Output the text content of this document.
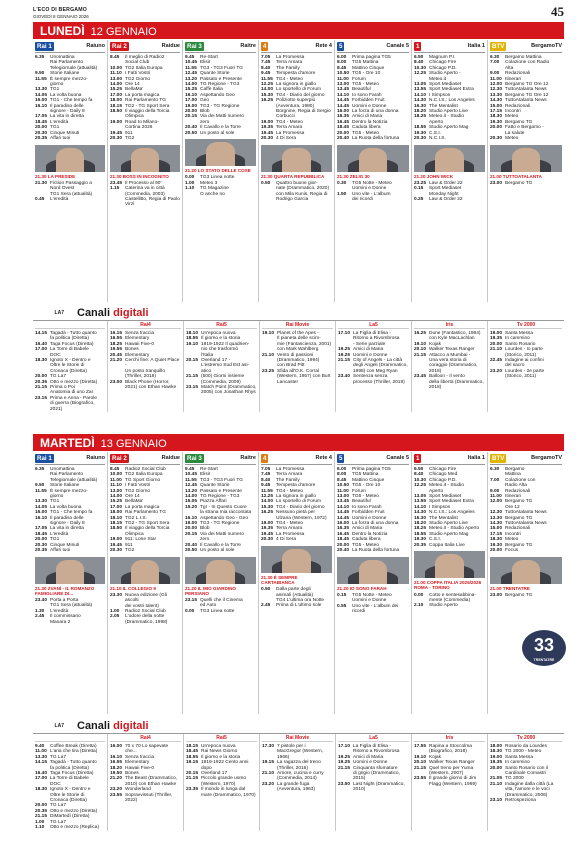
L'ECO DI BERGAMO
GIOVEDÌ 8 GENNAIO 2026	45
LUNEDÌ 12 GENNAIO
Rai 1	Raiuno
6.35	Unomattina
Rai Parlamento
Telegiornale (attualità)
9.50	Storie Italiane
11.55 È sempre mezzo-
giorno
13.30 TG1
14.05 La volta buona
16.00 TG1 - Che tempo fa
16.10 Il paradiso delle
signore - Daily 8
17.05 La vita in diretta
18.45 L'eredità
20.00 TG1
20.30 Cinque Minuti
20.35 Affari tuoi
21.30 LA PRESIDE
21.30 Fiction Passaggio a
Nord Ovest
TG1 Sera (attualità)
0.45	L'eredità
Rai 2	Raidue
8.45	Il meglio di Radio2
Social Club
10.00 TG2 Italia Europa
11.10 I Fatti Vostri
13.00 TG2 Giorno
14.00 Ore 14
15.25 BellaMa'
17.00 La porta magica
18.00 Rai Parlamento TG
18.15 TG2 - TG Sport Sera
18.50 Il viaggio della Torcia
Olimpica
19.00 Road to Milano-
Cortina 2026
19.45 911
20.30 TG2
21.30 BOSS IN INCOGNITO
23.45 Il Processo al 90'
1.15	Caterina va in città
(Commedia, 2003)
Castellitto, Regia di Paolo Virzì
Rai 3	Raitre
9.45	Re-Start
10.45 Elisir
11.55 TG3 - TG3 Fuori TG
12.45 Quante Storie
13.20 Passato e Presente
14.00 TG Regione - TG3
15.25 Caffè Italia
16.10 Aspettando Geo
17.00 Geo
19.00 TG3 - TG Regione
20.00 Blob
20.15 Via dei Matti numero
zero
20.40 Il Cavallo e la Torre
20.50 Un posto al sole
21.20 LO STATO DELLE COSE
0.00	TG3 Linea notte
1.00	Meteo 3
1.10	TG Magazine
O anche no
4	Rete 4
7.05	La Promessa
7.45	Terra Amara
8.40	The Family
9.45	Tempesta d'amore
11.55 TG4 - Meteo
12.25 La signora in giallo
14.00 Lo sportello di Forum
15.30 TG4 - Diario del giorno
16.25 Poliziotto superpiù
(Avventura, 1980)
Borgnine, Regia di Sergio Corbucci
19.00 TG4 - Meteo
19.35 Terra Amara
19.45 La Promessa
20.30 4 Di Sera
21.30 QUARTA REPUBBLICA
0.50	Quattro buone gior-
nate (Drammatico, 2020)
con Mila Kunis, Regia di
Rodrigo Garcia
5	Canale 5
6.00	Prima pagina TG5
8.00	TG5 Mattina
8.45	Mattino Cinque
10.50 TG5 - Ore 10
11.00 Forum
13.00 TG5 - Meteo
13.45 Beautiful
14.10 Io sono Farah
14.45 Forbidden Fruit
14.45 Uomini e Donne
16.00 La forza di una donna
16.35 Amici di Maria
16.45 Dentro la Notizia
18.45 Caduta libera
20.00 TG5 - Meteo
20.40 La Ruota della fortuna
21.30 ZELIG 30
0.30	TG5 Notte - Meteo
Uomini e Donne
1.50	Uno vite - L'album
dei ricordi
1	Italia 1
6.50	Magnum P.I.
8.40	Chicago Fire
10.30 Chicago P.D.
12.25 Studio Aperto -
Meteo.it
13.05 Sport Mediaset
13.55 Sport Mediaset Extra
14.10 I Simpson
14.30 N.C.I.S.: Los Angeles
16.30 The Mentalist
18.20 Studio Aperto Live
18.25 Meteo.it - Studio
Aperto
18.55 Studio Aperto Mag
19.30 C.S.I.
20.30 N.C.I.S.
21.20 JOHN WICK
23.25 Law & Order 22
0.15	Sport Mediaset
Monday Night
0.25	Law & Order 22
BTV	BergamoTV
6.30	Bergamo Mattina
7.00	Colazione con Radio
Alta
9.00	Redazionali
11.00 Itinerari
12.00 Bergamo TG Ore 12
12.30 TuttoAtalanta News
13.30 Bergamo TG Ore 12
14.30 TuttoAtalanta News
15.00 Redazionali
17.15 Incontri
18.30 Meteo
19.30 Bergamo TG
20.00 Fatto e Bergamo -
La salute
20.30 Meteo
21.00 TUTTOATALANTA
23.00 Bergamo TG
LA7 Canali digitali
14.15 Tagadà - Tutto quanto
fa politica (Diretta)
16.40 Taga Focus (Diretta)
17.00 La Torre di Babele
DOC
18.30 Ignoto X - Dentro e
Oltre le Storie di
Cronaca (Diretta)
20.00 TG La7
20.35 Otto e mezzo (Diretta)
21.15 Prima o Poi
Anatomia di uno Zar
23.15 Prima e Anna - Parole
di guerra (Biografico, 2021)
Rai4
16.15 Senza traccia
16.55 Elementary
18.25 Hawaii Five-0
19.55 Bones
20.45 Elementary
21.20 Cerchi fine: A Quiet Place -
Un posto tranquillo
(Thriller, 2018)
23.00 Black Phone (Horror,
2021) con Ethan Hawke
Rai5
18.10 Un'epoca nuova
18.55 Il giorno e la storia
19.10 1919-1922 Il quadrien-
nio che trasformò
l'Italia
20.15 Overland 17 -
L'estremo Sud Est asi-
atico
21.15 (500) Giorni insieme
(Commedia, 2009)
23.15 Match Point (Drammatico,
2005) con Jonathan Rhys
Rai Movie
19.10 Planet of the Apes -
Il pianeta delle scim-
mie (Fantascienza, 2001)
con Mark Wahlberg
21.10 Vento di passioni
(Drammatico, 1994)
con Brad Pitt
23.25 Sfida all'O.K. Corral
(Western, 1957) con Burt
Lancaster
La5
17.10 La Figlia di Elisa -
Ritorno a Rivombrosa
- Serie parziale
19.25 Amici di Maria
19.25 Uomini e Donne
21.15 City of Angels - La città
degli Angeli (Drammatico,
1998) con Meg Ryan
23.40 Sentenza senza
processo (Thriller, 2019)
Iris
16.25 Dune (Fantastico, 1984)
con Kyle MacLachlan
19.10 Kojak
20.10 Walker Texas Ranger
21.15 Attacco a Mumbai -
Una vera storia di
coraggio (Drammatico,
2018)
23.45 Balloon - Il vento
della libertà (Drammatico,
2018)
Tv 2000
19.00 Santa Messa
19.35 In cammino
20.00 Santo Rosario
21.10 Lourdes - Io parte
(Storico, 2011)
22.45 Indagine ai confini
del sacro
23.20 Lourdes - 2e parte
(Storico, 2011)
MARTEDÌ 13 GENNAIO
Rai 1	Raiuno
6.35	Unomattina
Rai Parlamento
Telegiornale (attualità)
9.50	Storie Italiane
11.55 È sempre mezzo-
giorno
13.30 TG1
14.05 La volta buona
16.00 TG1 - Che tempo fa
16.10 Il paradiso delle
signore - Daily 8
17.05 La vita in diretta
18.45 L'eredità
20.00 TG1
20.30 Cinque Minuti
20.35 Affari tuoi
21.30 ZVANÌ - IL ROMANZO FAMIGLIARE DI...
23.40 Porta a Porta
TG1 Sera (attualità)
1.30	L'eredità
2.45	Il commissario
Manara 2
Rai 2	Raidue
8.45	Radio2 Social Club
10.00 TG2 Italia Europa
11.00 TG Sport Giorno
11.10 I Fatti Vostri
13.00 TG2 Giorno
14.00 Ore 14
15.25 BellaMa'
17.00 La porta magica
18.00 Rai Parlamento TG
18.10 TG2 L.I.S.
18.15 TG2 - TG Sport Sera
18.50 Il viaggio della Torcia
Olimpica
19.00 911: Lone Star
19.45 911
20.30 TG2
21.10 IL COLLEGIO 9
23.30 Nuova edizione (Gli ascolti
dei vostri talent)
1.00	Radio2 Social Club
2.05	L'odore della notte
(Drammatico, 1998)
Rai 3	Raitre
9.45	Re-Start
10.45 Elisir
11.55 TG3 - TG3 Fuori TG
12.45 Quante Storie
13.20 Passato e Presente
14.00 TG Regione - TG3
15.05 Piazza Affari
15.20 Tgr - In Questo Cuore
la strana mia raccontata
16.10 Aspettando Geo - Geo
19.00 TG3 - TG Regione
20.00 Blob
20.15 Via dei Matti numero
zero
20.40 Il Cavallo e la Torre
20.50 Un posto al sole
21.20 IL MIO GIARDINO PERSIANO
23.15 Quelli che il Cinema
ed Auto
0.00	TG3 Linea notte
4	Rete 4
7.05	La Promessa
7.45	Terra Amara
8.40	The Family
9.45	Tempesta d'amore
11.55 TG4 - Meteo
12.25 La signora in giallo
14.00 Lo sportello di Forum
15.30 TG4 - Diario del giorno
16.25 Nessuno pietà per
Ulzana (Western, 1972)
19.00 TG4 - Meteo
19.35 Terra Amara
19.45 La Promessa
20.30 4 Di Sera
21.30 È SEMPRE CARTABIANCA
0.50	Dalla parte degli
animali (Attualità)
TG4 L'ultima ora Notte
2.45	Prima di L'ultimo sole
5	Canale 5
6.00	Prima pagina TG5
8.00	TG5 Mattina
8.45	Mattino Cinque
10.50 TG5 - Ore 10
11.00 Forum
13.00 TG5 - Meteo
13.45 Beautiful
14.10 Io sono Farah
14.45 Forbidden Fruit
14.45 Uomini e Donne
16.00 La forza di una donna
16.35 Amici di Maria
16.45 Dentro la Notizia
18.45 Caduta libera
20.00 TG5 - Meteo
20.40 La Ruota della fortuna
21.20 IO SONO FARAH
0.15	TG5 Notte - Meteo
Uomini e Donne
0.55	Uno vite - L'album dei ricordi
1	Italia 1
6.50	Chicago Fire
8.40	Chicago Med
10.30 Chicago P.D.
12.25 Meteo.it - Studio
Aperto
13.05 Sport Mediaset
13.55 Sport Mediaset Extra
14.10 I Simpson
14.30 N.C.I.S.: Los Angeles
16.30 The Mentalist
18.20 Studio Aperto Live
18.25 Meteo.it - Studio Aperto
18.55 Studio Aperto Mag
19.30 C.S.I.
20.35 Coppa Italia Live
21.00 COPPA ITALIA 2025/2026 ROMA - TORINO
0.00	Cotto e sentesabbina-
mente (Commedia)
2.10	Studio Aperto
BTV	BergamoTV
6.30	Bergamo
Mattina
7.00	Colazione con
Radio Alta
9.00	Redazionali
11.00 Itinerari
12.00 Bergamo TG
Ore 12
12.30 TuttoAtalanta News
13.30 Bergamo TG
14.30 TuttoAtalanta News
15.00 Redazionali
17.15 Incontri
18.30 Meteo
19.30 Bergamo TG
20.00 Focus
21.00 TRENTATRE
23.00 Bergamo TG
LA7 Canali digitali
9.40	Coffee Break (Diretta)
11.00 L'aria che tira (Diretta)
13.30 TG La7
14.15 Tagadà - Tutto quanto
fa politica (Diretta)
16.40 Taga Focus (Diretta)
17.00 La Torre di Babele
DOC
18.30 Ignoto X - Dentro e
Oltre le Storie di
Cronaca (Diretta)
20.00 TG La7
20.35 Otto e mezzo (Diretta)
21.15 DiMartedì (Diretta)
1.00	TG La7
1.10	Otto e mezzo (Replica)
Rai4
16.00 70 x 70 Lo sapevate
che...
16.10 Senza traccia
16.55 Elementary
18.20 Hawaii Five-0
19.50 Bones
21.20 The Beast (Drammatico,
2010) con Ethan Hawke
23.20 Wonderland
23.55 Sopravvissuti (Thriller,
2022)
Rai5
18.15 Un'epoca nuova
18.45 Rai News Giorno
18.55 Il giorno e la storia
19.15 1919-1922 Cento anni
dopo
20.15 Overland 17
21.15 Piccolo grande uomo
(Western, 1970)
23.35 Il mondo in lunga dal
mare (Drammatico, 1970)
Rai Movie
17.30 7 pistole per i
MacGregor (Western,
1966)
19.15 La ragazza del treno
(Thriller, 2016)
21.10 Amore, cucina e curry
(Commedia, 2014)
23.20 La grande fuga
(Avventura, 1963)
La5
17.10 La Figlia di Elisa -
Ritorno a Rivombrosa
19.25 Amici di Maria
19.25 Uomini e Donne
21.15 Cinquanta sfumature
di grigio (Drammatico,
2015)
23.50 Last Night (Drammatico,
2010)
Iris
17.55 Rapina a Stoccolma
(Biografico, 2018)
19.10 Kojak
20.10 Walker Texas Ranger
21.15 Quel treno per Yuma
(Western, 2007)
23.55 Il grande giorno di Jim
Flagg (Western, 1969)
Tv 2000
18.00 Rosario da Lourdes
18.30 TG 2000 - Meteo
19.00 Santa Messa
19.35 In cammino
20.00 Santo Rosario con il
Cardinale Comastri
21.05 TG 2000
21.10 Indagine dalla città (La
vita, l'amore e le voci
(Drammatico, 2006)
23.10 Retrospeziona
33
TRENTATRE
